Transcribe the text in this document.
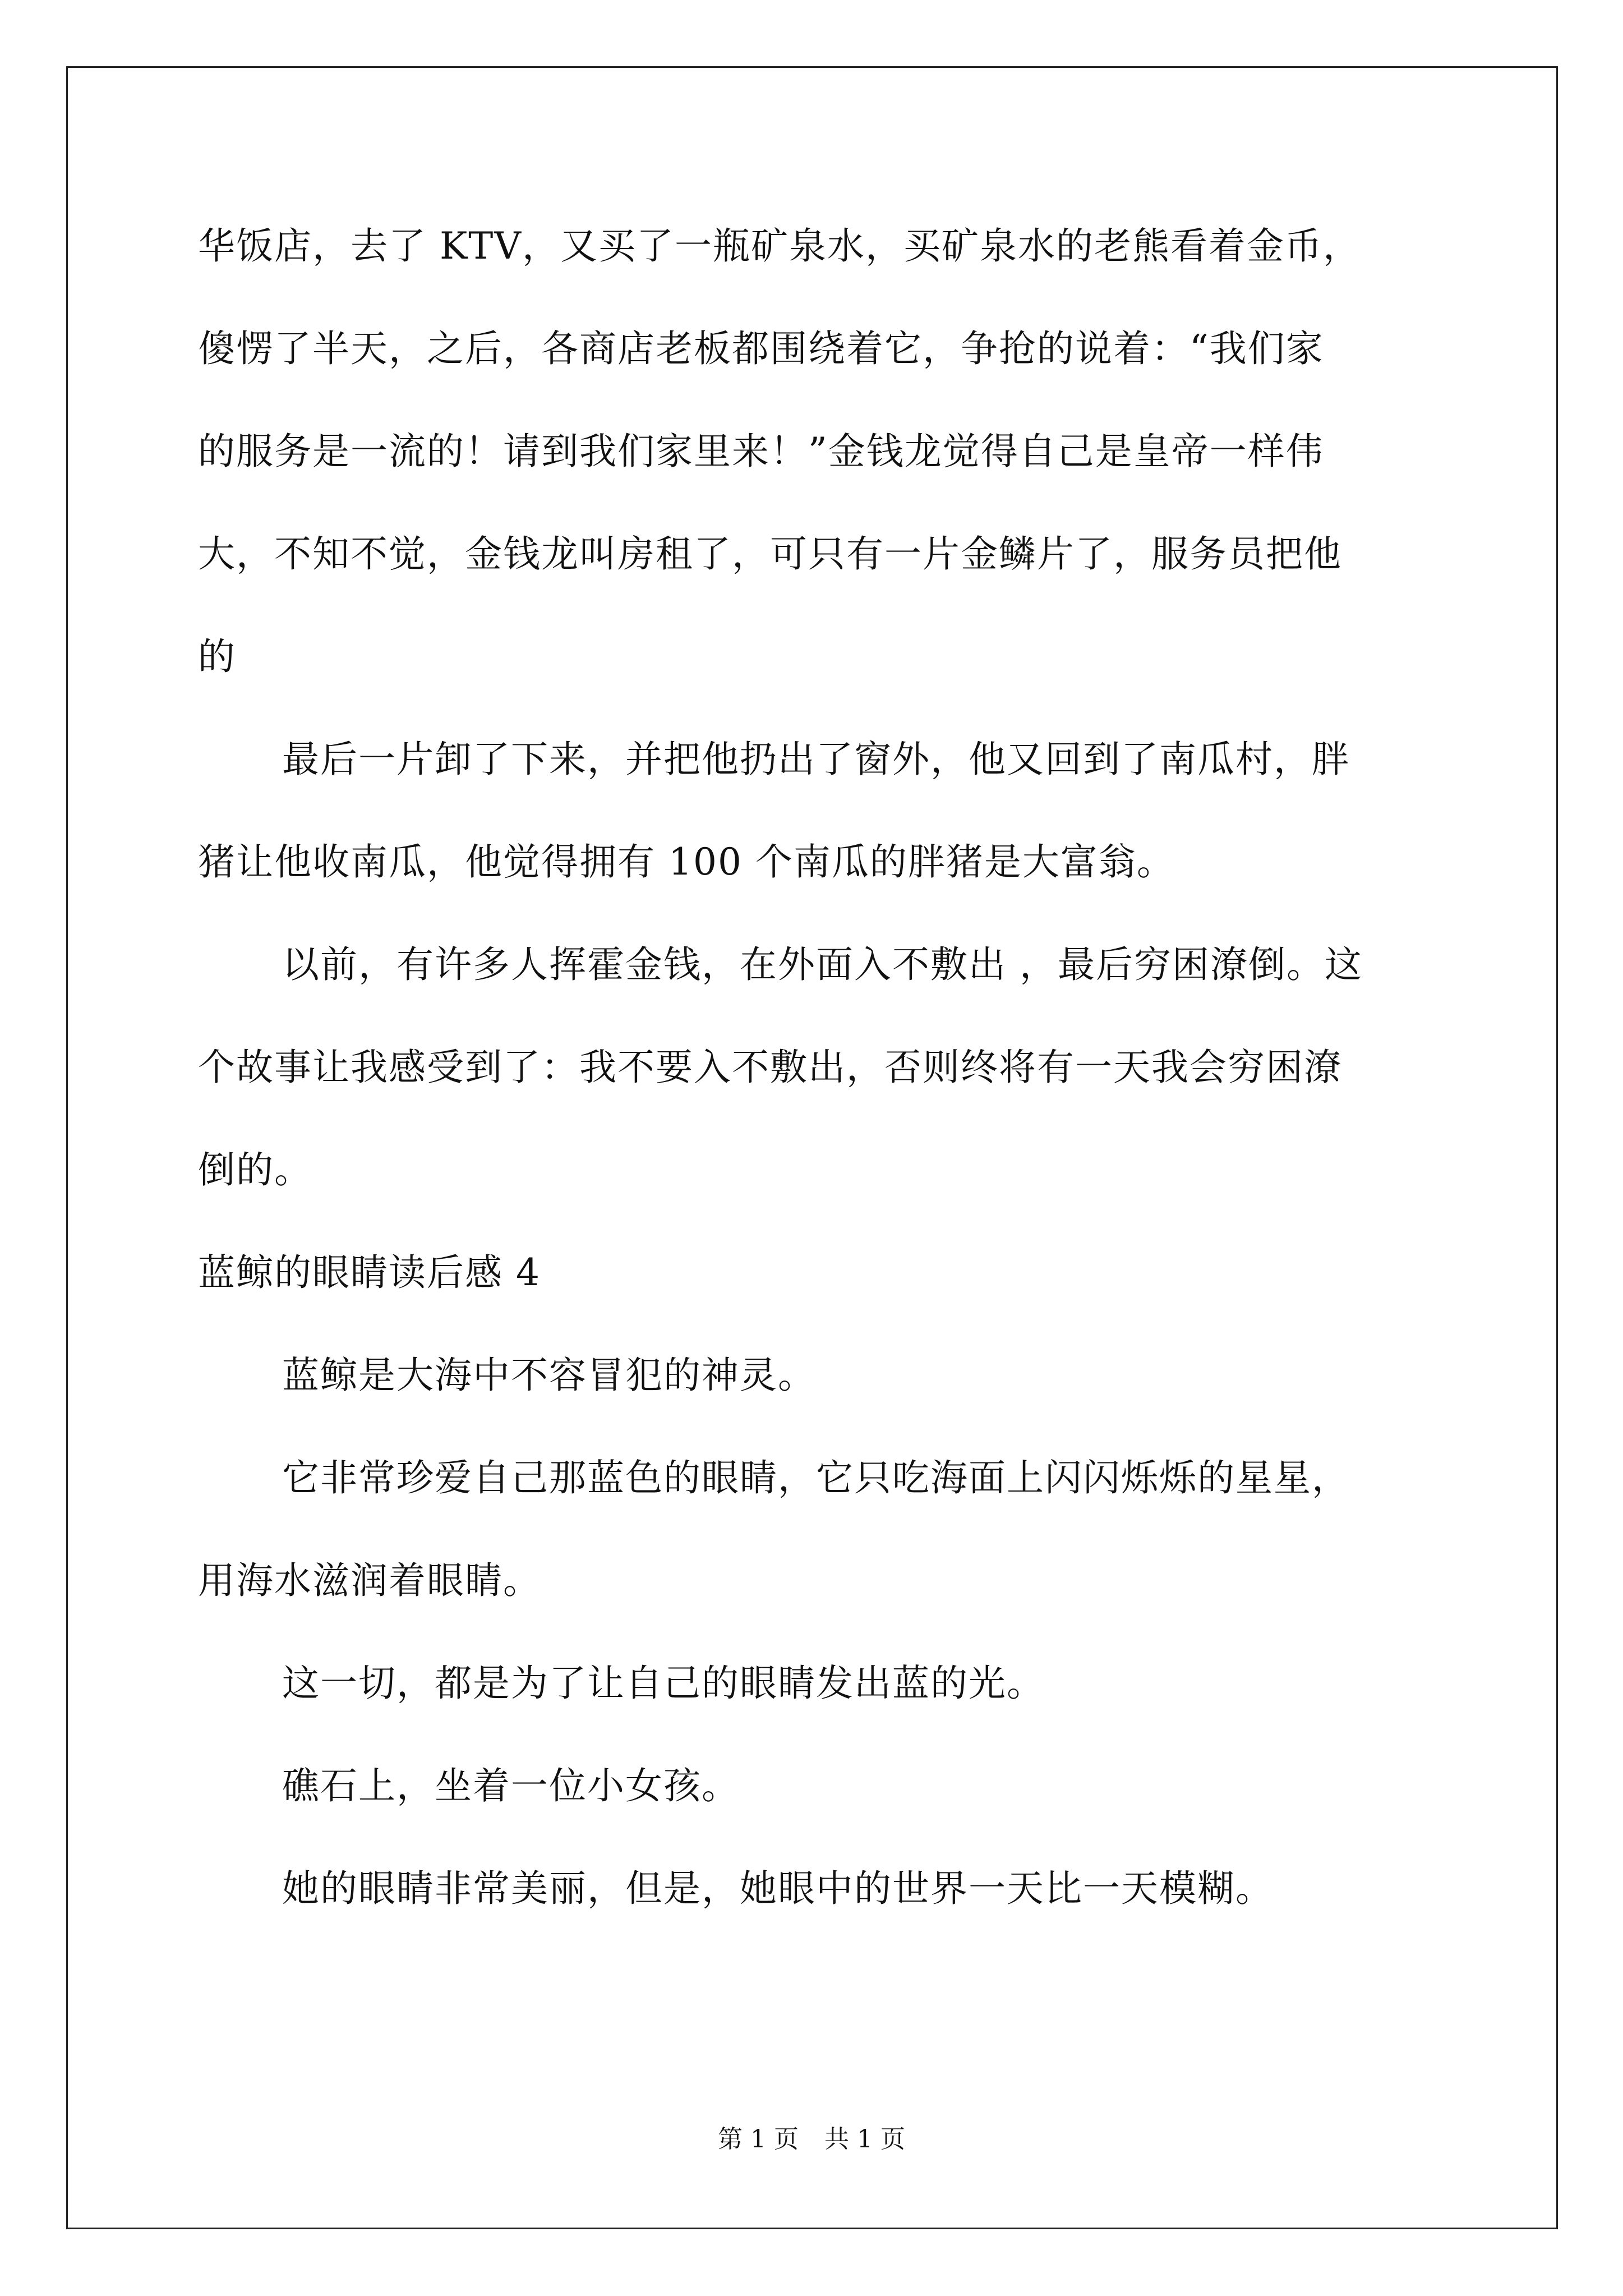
华饭店，去了 KTV，又买了一瓶矿泉水，买矿泉水的老熊看着金币，

傻愣了半天，之后，各商店老板都围绕着它，争抢的说着：“我们家

的服务是一流的！请到我们家里来！”金钱龙觉得自己是皇帝一样伟

大，不知不觉，金钱龙叫房租了，可只有一片金鳞片了，服务员把他

的

最后一片卸了下来，并把他扔出了窗外，他又回到了南瓜村，胖

猪让他收南瓜，他觉得拥有 100 个南瓜的胖猪是大富翁。

以前，有许多人挥霍金钱，在外面入不敷出 ，最后穷困潦倒。这

个故事让我感受到了：我不要入不敷出，否则终将有一天我会穷困潦

倒的。

蓝鲸的眼睛读后感 4

蓝鲸是大海中不容冒犯的神灵。

它非常珍爱自己那蓝色的眼睛，它只吃海面上闪闪烁烁的星星，

用海水滋润着眼睛。

这一切，都是为了让自己的眼睛发出蓝的光。

礁石上，坐着一位小女孩。

她的眼睛非常美丽，但是，她眼中的世界一天比一天模糊。

第 1 页 共 1 页
